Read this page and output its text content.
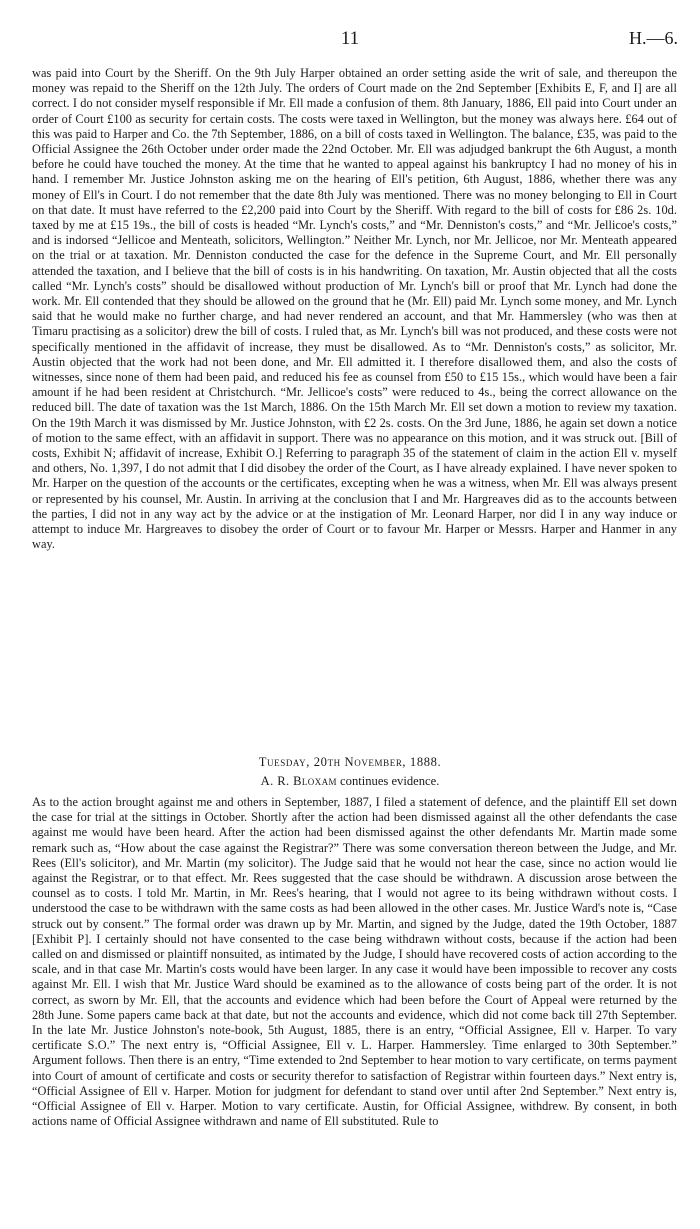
11	H.—6.

was paid into Court by the Sheriff. On the 9th July Harper obtained an order setting aside the writ of sale, and thereupon the money was repaid to the Sheriff on the 12th July. The orders of Court made on the 2nd September [Exhibits E, F, and I] are all correct. I do not consider myself responsible if Mr. Ell made a confusion of them. 8th January, 1886, Ell paid into Court under an order of Court £100 as security for certain costs. The costs were taxed in Wellington, but the money was always here. £64 out of this was paid to Harper and Co. the 7th September, 1886, on a bill of costs taxed in Wellington. The balance, £35, was paid to the Official Assignee the 26th October under order made the 22nd October. Mr. Ell was adjudged bankrupt the 6th August, a month before he could have touched the money. At the time that he wanted to appeal against his bankruptcy I had no money of his in hand. I remember Mr. Justice Johnston asking me on the hearing of Ell's petition, 6th August, 1886, whether there was any money of Ell's in Court. I do not remember that the date 8th July was mentioned. There was no money belonging to Ell in Court on that date. It must have referred to the £2,200 paid into Court by the Sheriff. With regard to the bill of costs for £86 2s. 10d. taxed by me at £15 19s., the bill of costs is headed “Mr. Lynch's costs,” and “Mr. Denniston's costs,” and “Mr. Jellicoe's costs,” and is indorsed “Jellicoe and Menteath, solicitors, Wellington.” Neither Mr. Lynch, nor Mr. Jellicoe, nor Mr. Menteath appeared on the trial or at taxation. Mr. Denniston conducted the case for the defence in the Supreme Court, and Mr. Ell personally attended the taxation, and I believe that the bill of costs is in his handwriting. On taxation, Mr. Austin objected that all the costs called “Mr. Lynch's costs” should be disallowed without production of Mr. Lynch's bill or proof that Mr. Lynch had done the work. Mr. Ell contended that they should be allowed on the ground that he (Mr. Ell) paid Mr. Lynch some money, and Mr. Lynch said that he would make no further charge, and had never rendered an account, and that Mr. Hammersley (who was then at Timaru practising as a solicitor) drew the bill of costs. I ruled that, as Mr. Lynch's bill was not produced, and these costs were not specifically mentioned in the affidavit of increase, they must be disallowed. As to “Mr. Denniston's costs,” as solicitor, Mr. Austin objected that the work had not been done, and Mr. Ell admitted it. I therefore disallowed them, and also the costs of witnesses, since none of them had been paid, and reduced his fee as counsel from £50 to £15 15s., which would have been a fair amount if he had been resident at Christchurch. “Mr. Jellicoe's costs” were reduced to 4s., being the correct allowance on the reduced bill. The date of taxation was the 1st March, 1886. On the 15th March Mr. Ell set down a motion to review my taxation. On the 19th March it was dismissed by Mr. Justice Johnston, with £2 2s. costs. On the 3rd June, 1886, he again set down a notice of motion to the same effect, with an affidavit in support. There was no appearance on this motion, and it was struck out. [Bill of costs, Exhibit N; affidavit of increase, Exhibit O.] Referring to paragraph 35 of the statement of claim in the action Ell v. myself and others, No. 1,397, I do not admit that I did disobey the order of the Court, as I have already explained. I have never spoken to Mr. Harper on the question of the accounts or the certificates, excepting when he was a witness, when Mr. Ell was always present or represented by his counsel, Mr. Austin. In arriving at the conclusion that I and Mr. Hargreaves did as to the accounts between the parties, I did not in any way act by the advice or at the instigation of Mr. Leonard Harper, nor did I in any way induce or attempt to induce Mr. Hargreaves to disobey the order of Court or to favour Mr. Harper or Messrs. Harper and Hanmer in any way.

Tuesday, 20th November, 1888.
A. R. Bloxam continues evidence.

As to the action brought against me and others in September, 1887, I filed a statement of defence, and the plaintiff Ell set down the case for trial at the sittings in October. Shortly after the action had been dismissed against all the other defendants the case against me would have been heard. After the action had been dismissed against the other defendants Mr. Martin made some remark such as, “How about the case against the Registrar?” There was some conversation thereon between the Judge, and Mr. Rees (Ell's solicitor), and Mr. Martin (my solicitor). The Judge said that he would not hear the case, since no action would lie against the Registrar, or to that effect. Mr. Rees suggested that the case should be withdrawn. A discussion arose between the counsel as to costs. I told Mr. Martin, in Mr. Rees's hearing, that I would not agree to its being withdrawn without costs. I understood the case to be withdrawn with the same costs as had been allowed in the other cases. Mr. Justice Ward's note is, “Case struck out by consent.” The formal order was drawn up by Mr. Martin, and signed by the Judge, dated the 19th October, 1887 [Exhibit P]. I certainly should not have consented to the case being withdrawn without costs, because if the action had been called on and dismissed or plaintiff nonsuited, as intimated by the Judge, I should have recovered costs of action according to the scale, and in that case Mr. Martin's costs would have been larger. In any case it would have been impossible to recover any costs against Mr. Ell. I wish that Mr. Justice Ward should be examined as to the allowance of costs being part of the order. It is not correct, as sworn by Mr. Ell, that the accounts and evidence which had been before the Court of Appeal were returned by the 28th June. Some papers came back at that date, but not the accounts and evidence, which did not come back till 27th September. In the late Mr. Justice Johnston's note-book, 5th August, 1885, there is an entry, “Official Assignee, Ell v. Harper. To vary certificate S.O.” The next entry is, “Official Assignee, Ell v. L. Harper. Hammersley. Time enlarged to 30th September.” Argument follows. Then there is an entry, “Time extended to 2nd September to hear motion to vary certificate, on terms payment into Court of amount of certificate and costs or security therefor to satisfaction of Registrar within fourteen days.” Next entry is, “Official Assignee of Ell v. Harper. Motion for judgment for defendant to stand over until after 2nd September.” Next entry is, “Official Assignee of Ell v. Harper. Motion to vary certificate. Austin, for Official Assignee, withdrew. By consent, in both actions name of Official Assignee withdrawn and name of Ell substituted. Rule to
